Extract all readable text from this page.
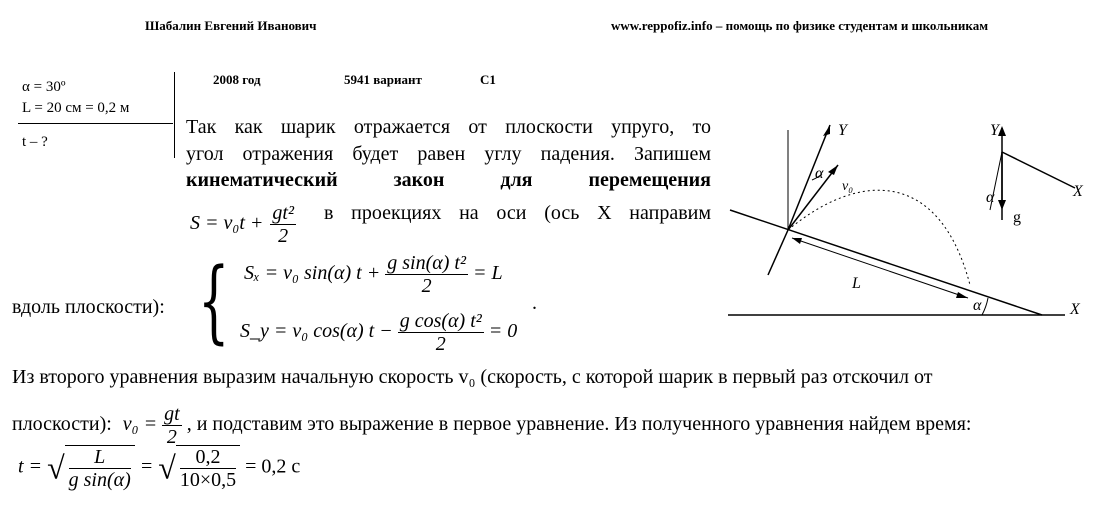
Шабалин Евгений Иванович	www.reppofiz.info – помощь по физике студентам и школьникам
α = 30º
L = 20 см = 0,2 м
t – ?
2008 год	5941 вариант	C1
Так как шарик отражается от плоскости упруго, то
угол отражения будет равен углу падения. Запишем
кинематический закон для перемещения
$S = v_0t + \frac{\text{gt²}}{2}$ в проекциях на оси (ось X направим
вдоль плоскости): { Sₓ = v₀ sin(α) $t + \frac{\text{g sin(α) t²}}{2} = L$
S_y = v₀ cos(α) $t - \frac{\text{g cos(α) t²}}{2} = 0$
.
Из второго уравнения выразим начальную скорость v₀ (скорость, с которой шарик в первый раз отскочил от
плоскости): $v_0 = \frac{gt}{2}$ , и подставим это выражение в первое уравнение. Из полученного уравнения найдем время:
t = √ $\frac{L}{\text{g sin(α)}}$ = √ $\frac{0,2}{10\times 0,5} = 0,2$ с
Y
α
v₀
L
α	X
Y
α
g
X
